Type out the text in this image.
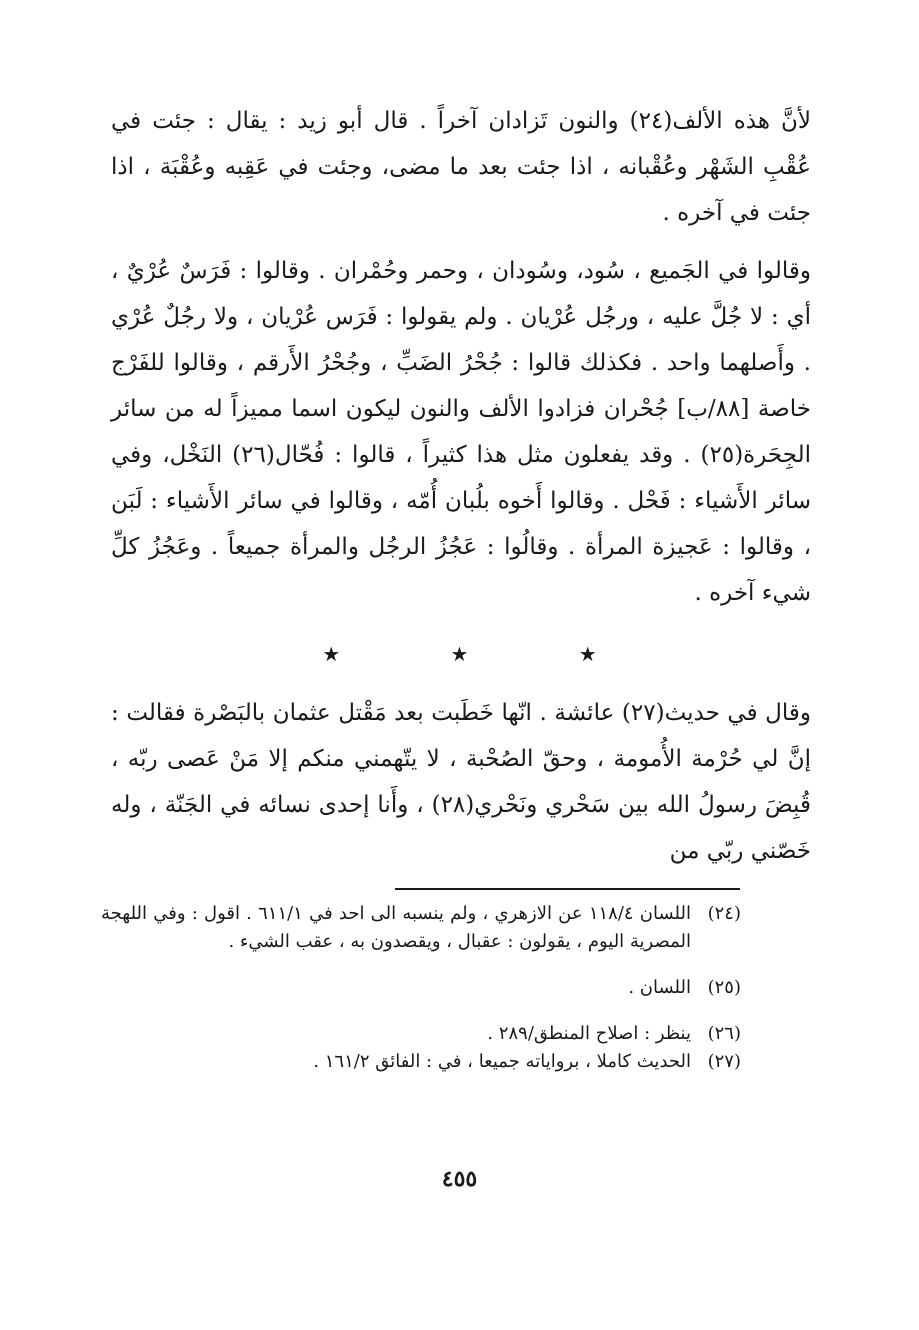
لأنَّ هذه الألف(٢٤) والنون تَزادان آخراً . قال أبو زيد : يقال : جئت في عُقْبِ الشَهْر وعُقْبانه ، اذا جئت بعد ما مضى، وجئت في عَقِبه وعُقْبَة ، اذا جئت في آخره .

وقالوا في الجَميع ، سُود، وسُودان ، وحمر وحُمْران . وقالوا : فَرَسٌ عُرْيٌ ، أي : لا جُلَّ عليه ، ورجُل عُرْيان . ولم يقولوا : فَرَس عُرْيان ، ولا رجُلٌ عُرْي . وأَصلهما واحد . فكذلك قالوا : جُحْرُ الضَبِّ ، وجُحْرُ الأَرقم ، وقالوا للفَرْج خاصة [٨٨/ب] جُحْران فزادوا الألف والنون ليكون اسما مميزاً له من سائر الجِحَرة(٢٥) . وقد يفعلون مثل هذا كثيراً ، قالوا : فُحّال(٢٦) النَخْل، وفي سائر الأَشياء : فَحْل . وقالوا أَخوه بلُبان أُمّه ، وقالوا في سائر الأَشياء : لَبَن ، وقالوا : عَجيزة المرأة . وقالُوا : عَجُزُ الرجُل والمرأة جميعاً . وعَجُزُ كلِّ شيء آخره .

★ ★ ★

وقال في حديث(٢٧) عائشة . انّها خَطَبت بعد مَقْتل عثمان بالبَصْرة فقالت : إنَّ لي حُرْمة الأُمومة ، وحقّ الصُحْبة ، لا يتّهمني منكم إلا مَنْ عَصى ربّه ، قُبِضَ رسولُ الله بين سَحْري ونَحْري(٢٨) ، وأَنا إحدى نسائه في الجَنّة ، وله خَصّني ربّي من

(٢٤)
اللسان ١١٨/٤ عن الازهري ، ولم ينسبه الى احد في ٦١١/١ . اقول : وفي اللهجة المصرية اليوم ، يقولون : عقبال ، ويقصدون به ، عقب الشيء .
(٢٥)
اللسان .
(٢٦)
ينظر : اصلاح المنطق/٢٨٩ .
(٢٧)
الحديث كاملا ، برواياته جميعا ، في : الفائق ١٦١/٢ .
٤٥٥
